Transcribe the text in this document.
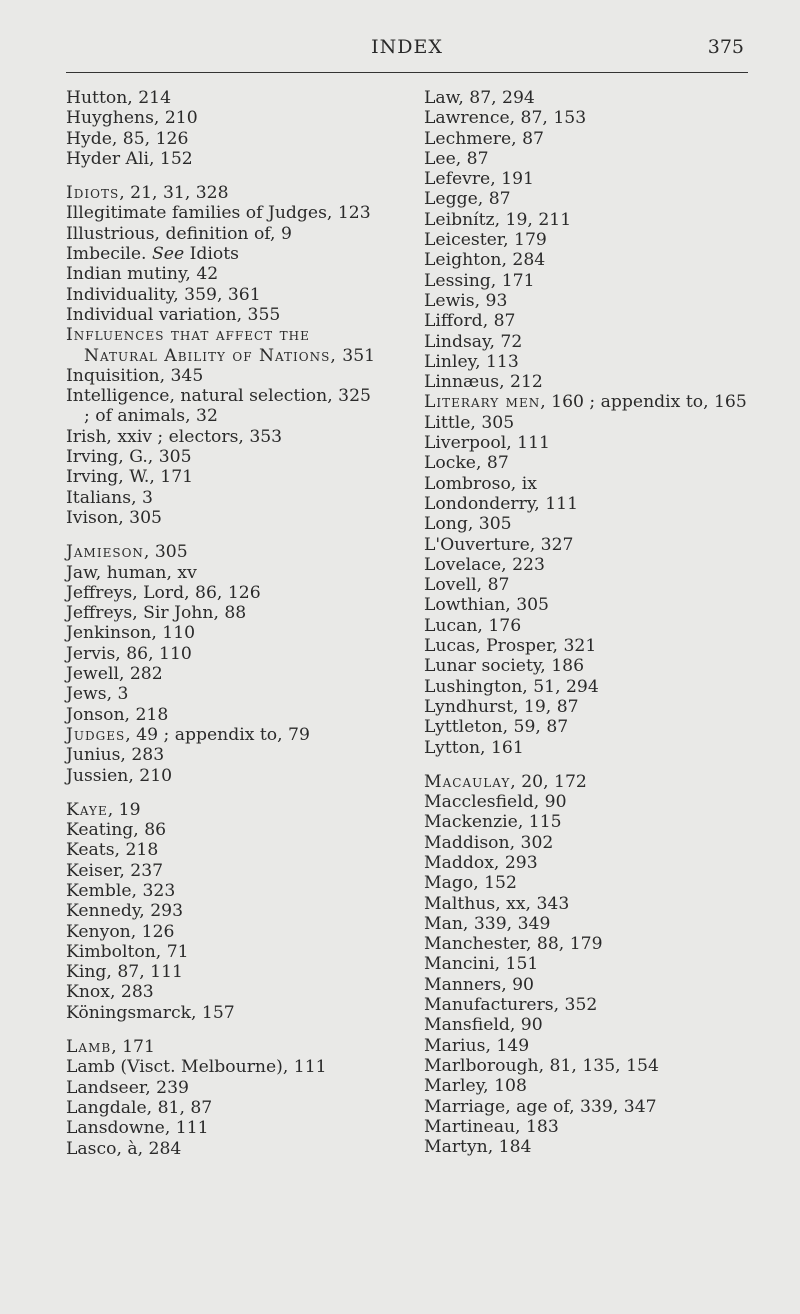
INDEX	375
Hutton, 214
Huyghens, 210
Hyde, 85, 126
Hyder Ali, 152
Idiots, 21, 31, 328
Illegitimate families of Judges, 123
Illustrious, definition of, 9
Imbecile. See Idiots
Indian mutiny, 42
Individuality, 359, 361
Individual variation, 355
Influences that affect the Natural Ability of Nations, 351
Inquisition, 345
Intelligence, natural selection, 325 ; of animals, 32
Irish, xxiv ; electors, 353
Irving, G., 305
Irving, W., 171
Italians, 3
Ivison, 305
Jamieson, 305
Jaw, human, xv
Jeffreys, Lord, 86, 126
Jeffreys, Sir John, 88
Jenkinson, 110
Jervis, 86, 110
Jewell, 282
Jews, 3
Jonson, 218
Judges, 49 ; appendix to, 79
Junius, 283
Jussien, 210
Kaye, 19
Keating, 86
Keats, 218
Keiser, 237
Kemble, 323
Kennedy, 293
Kenyon, 126
Kimbolton, 71
King, 87, 111
Knox, 283
Köningsmarck, 157
Lamb, 171
Lamb (Visct. Melbourne), 111
Landseer, 239
Langdale, 81, 87
Lansdowne, 111
Lasco, à, 284
Law, 87, 294
Lawrence, 87, 153
Lechmere, 87
Lee, 87
Lefevre, 191
Legge, 87
Leibnítz, 19, 211
Leicester, 179
Leighton, 284
Lessing, 171
Lewis, 93
Lifford, 87
Lindsay, 72
Linley, 113
Linnæus, 212
Literary men, 160 ; appendix to, 165
Little, 305
Liverpool, 111
Locke, 87
Lombroso, ix
Londonderry, 111
Long, 305
L'Ouverture, 327
Lovelace, 223
Lovell, 87
Lowthian, 305
Lucan, 176
Lucas, Prosper, 321
Lunar society, 186
Lushington, 51, 294
Lyndhurst, 19, 87
Lyttleton, 59, 87
Lytton, 161
Macaulay, 20, 172
Macclesfield, 90
Mackenzie, 115
Maddison, 302
Maddox, 293
Mago, 152
Malthus, xx, 343
Man, 339, 349
Manchester, 88, 179
Mancini, 151
Manners, 90
Manufacturers, 352
Mansfield, 90
Marius, 149
Marlborough, 81, 135, 154
Marley, 108
Marriage, age of, 339, 347
Martineau, 183
Martyn, 184
